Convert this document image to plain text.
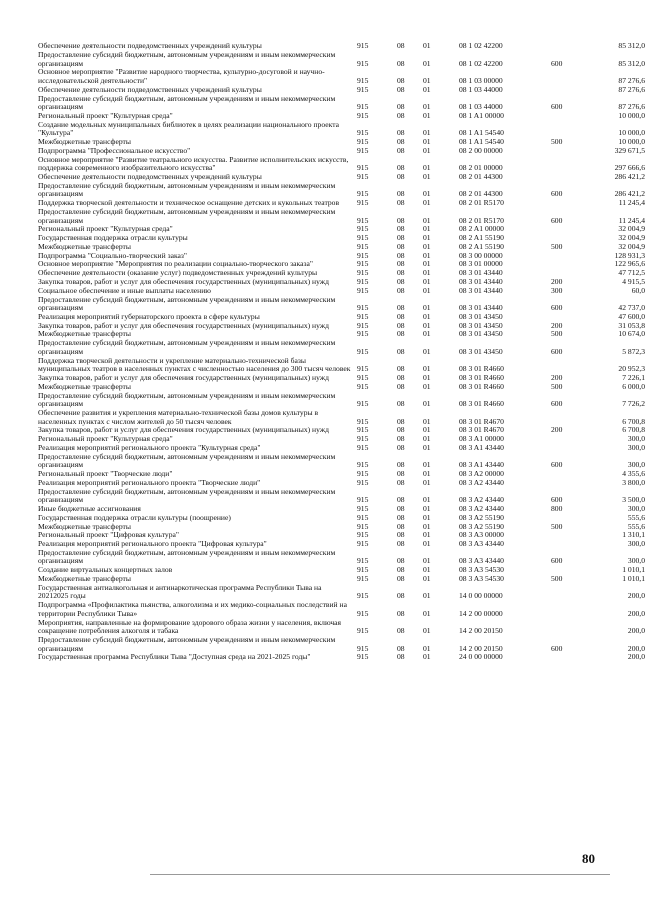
Обеспечение деятельности подведомственных учреждений культуры	915	08	01	08 1 02 42200	85 312,0
Предоставление субсидий бюджетным, автономным учреждениям и иным некоммерческим организациям	915	08	01	08 1 02 42200	600	85 312,0
Основное мероприятие "Развитие народного творчества, культурно-досуговой и научно-исследовательской деятельности"	915	08	01	08 1 03 00000	87 276,6
Обеспечение деятельности подведомственных учреждений культуры	915	08	01	08 1 03 44000	87 276,6
Предоставление субсидий бюджетным, автономным учреждениям и иным некоммерческим организациям	915	08	01	08 1 03 44000	600	87 276,6
Региональный проект "Культурная среда"	915	08	01	08 1 A1 00000	10 000,0
Создание модельных муниципальных библиотек в целях реализации национального проекта "Культура"	915	08	01	08 1 A1 54540	10 000,0
Межбюджетные трансферты	915	08	01	08 1 A1 54540	500	10 000,0
Подпрограмма "Профессиональное искусство"	915	08	01	08 2 00 00000	329 671,5
Основное мероприятие "Развитие театрального искусства. Развитие исполнительских искусств, поддержка современного изобразительного искусства"	915	08	01	08 2 01 00000	297 666,6
Обеспечение деятельности подведомственных учреждений культуры	915	08	01	08 2 01 44300	286 421,2
Предоставление субсидий бюджетным, автономным учреждениям и иным некоммерческим организациям	915	08	01	08 2 01 44300	600	286 421,2
Поддержка творческой деятельности и техническое оснащение детских и кукольных театров	915	08	01	08 2 01 R5170	11 245,4
Предоставление субсидий бюджетным, автономным учреждениям и иным некоммерческим организациям	915	08	01	08 2 01 R5170	600	11 245,4
Региональный проект "Культурная среда"	915	08	01	08 2 A1 00000	32 004,9
Государственная поддержка отрасли культуры	915	08	01	08 2 A1 55190	32 004,9
Межбюджетные трансферты	915	08	01	08 2 A1 55190	500	32 004,9
Подпрограмма "Социально-творческий заказ"	915	08	01	08 3 00 00000	128 931,3
Основное мероприятие "Мероприятия по реализации социально-творческого заказа"	915	08	01	08 3 01 00000	122 965,6
Обеспечение деятельности (оказание услуг) подведомственных учреждений культуры	915	08	01	08 3 01 43440	47 712,5
Закупка товаров, работ и услуг для обеспечения государственных (муниципальных) нужд	915	08	01	08 3 01 43440	200	4 915,5
Социальное обеспечение и иные выплаты населению	915	08	01	08 3 01 43440	300	60,0
Предоставление субсидий бюджетным, автономным учреждениям и иным некоммерческим организациям	915	08	01	08 3 01 43440	600	42 737,0
Реализация мероприятий губернаторского проекта в сфере культуры	915	08	01	08 3 01 43450	47 600,0
Закупка товаров, работ и услуг для обеспечения государственных (муниципальных) нужд	915	08	01	08 3 01 43450	200	31 053,8
Межбюджетные трансферты	915	08	01	08 3 01 43450	500	10 674,0
Предоставление субсидий бюджетным, автономным учреждениям и иным некоммерческим организациям	915	08	01	08 3 01 43450	600	5 872,3
Поддержка творческой деятельности и укрепление материально-технической базы муниципальных театров в населенных пунктах с численностью населения до 300 тысяч человек 915	08	01	08 3 01 R4660	20 952,3
Закупка товаров, работ и услуг для обеспечения государственных (муниципальных) нужд	915	08	01	08 3 01 R4660	200	7 226,1
Межбюджетные трансферты	915	08	01	08 3 01 R4660	500	6 000,0
Предоставление субсидий бюджетным, автономным учреждениям и иным некоммерческим организациям	915	08	01	08 3 01 R4660	600	7 726,2
Обеспечение развития и укрепления материально-технической базы домов культуры в населенных пунктах с числом жителей до 50 тысяч человек	915	08	01	08 3 01 R4670	6 700,8
Закупка товаров, работ и услуг для обеспечения государственных (муниципальных) нужд	915	08	01	08 3 01 R4670	200	6 700,8
Региональный проект "Культурная среда"	915	08	01	08 3 A1 00000	300,0
Реализация мероприятий регионального проекта "Культурная среда"	915	08	01	08 3 A1 43440	300,0
Предоставление субсидий бюджетным, автономным учреждениям и иным некоммерческим организациям	915	08	01	08 3 A1 43440	600	300,0
Региональный проект "Творческие люди"	915	08	01	08 3 A2 00000	4 355,6
Реализация мероприятий регионального проекта "Творческие люди"	915	08	01	08 3 A2 43440	3 800,0
Предоставление субсидий бюджетным, автономным учреждениям и иным некоммерческим организациям	915	08	01	08 3 A2 43440	600	3 500,0
Иные бюджетные ассигнования	915	08	01	08 3 A2 43440	800	300,0
Государственная поддержка отрасли культуры (поощрение)	915	08	01	08 3 A2 55190	555,6
Межбюджетные трансферты	915	08	01	08 3 A2 55190	500	555,6
Региональный проект "Цифровая культура"	915	08	01	08 3 A3 00000	1 310,1
Реализация мероприятий регионального проекта "Цифровая культура"	915	08	01	08 3 A3 43440	300,0
Предоставление субсидий бюджетным, автономным учреждениям и иным некоммерческим организациям	915	08	01	08 3 A3 43440	600	300,0
Создание виртуальных концертных залов	915	08	01	08 3 A3 54530	1 010,1
Межбюджетные трансферты	915	08	01	08 3 A3 54530	500	1 010,1
Государственная антиалкогольная и антинаркотическая программа Республики Тыва на 20212025 годы	915	08	01	14 0 00 00000	200,0
Подпрограмма «Профилактика пьянства, алкоголизма и их медико-социальных последствий на территории Республики Тыва»	915	08	01	14 2 00 00000	200,0
Мероприятия, направленные на формирование здорового образа жизни у населения, включая сокращение потребления алкоголя и табака	915	08	01	14 2 00 20150	200,0
Предоставление субсидий бюджетным, автономным учреждениям и иным некоммерческим организациям	915	08	01	14 2 00 20150	600	200,0
Государственная программа Республики Тыва "Доступная среда на 2021-2025 годы"	915	08	01	24 0 00 00000	200,0
80
